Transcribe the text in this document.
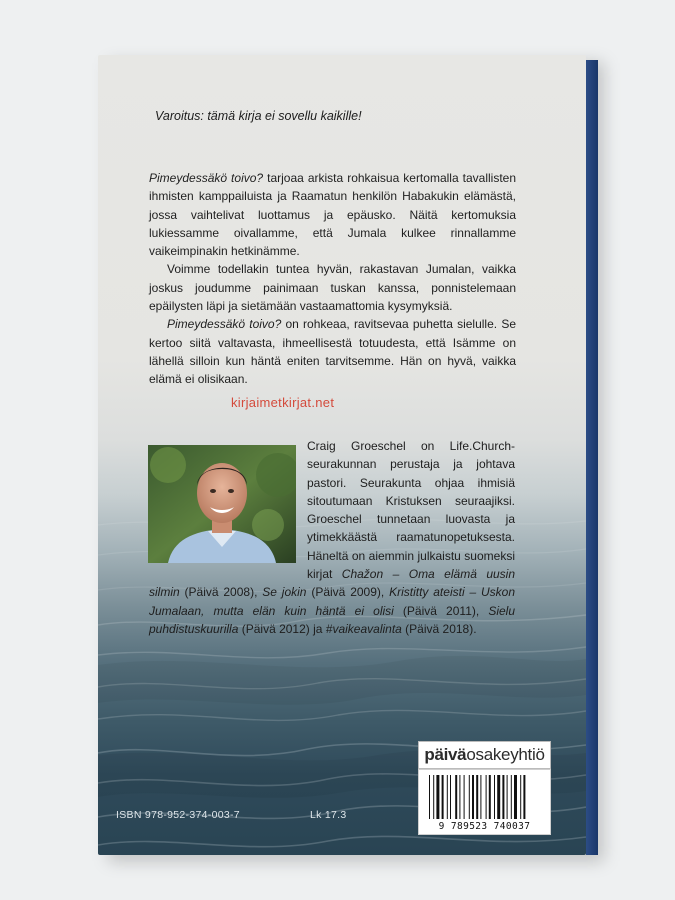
Varoitus: tämä kirja ei sovellu kaikille!

Pimeydessäkö toivo? tarjoaa arkista rohkaisua kertomalla tavallisten ihmisten kamppailuista ja Raamatun henkilön Habakukin elämästä, jossa vaihtelivat luottamus ja epäusko. Näitä kertomuksia lukiessamme oivallamme, että Jumala kulkee rinnallamme vaikeimpinakin hetkinämme.

Voimme todellakin tuntea hyvän, rakastavan Jumalan, vaikka joskus joudumme painimaan tuskan kanssa, ponnistelemaan epäilysten läpi ja sietämään vastaamattomia kysymyksiä.

Pimeydessäkö toivo? on rohkeaa, ravitsevaa puhetta sielulle. Se kertoo siitä valtavasta, ihmeellisestä totuudesta, että Isämme on lähellä silloin kun häntä eniten tarvitsemme. Hän on hyvä, vaikka elämä ei olisikaan.

kirjaimetkirjat.net
Craig Groeschel on Life.Church-seurakunnan perustaja ja johtava pastori. Seurakunta ohjaa ihmisiä sitoutumaan Kristuksen seuraajiksi. Groeschel tunnetaan luovasta ja ytimekkäästä raamatunopetuksesta. Häneltä on aiemmin julkaistu suomeksi kirjat Chažon – Oma elämä uusin silmin (Päivä 2008), Se jokin (Päivä 2009), Kristitty ateisti – Uskon Jumalaan, mutta elän kuin häntä ei olisi (Päivä 2011), Sielu puhdistuskuurilla (Päivä 2012) ja #vaikeavalinta (Päivä 2018).
päiväosakeyhtiö
9 789523 740037
ISBN 978-952-374-003-7	Lk 17.3
